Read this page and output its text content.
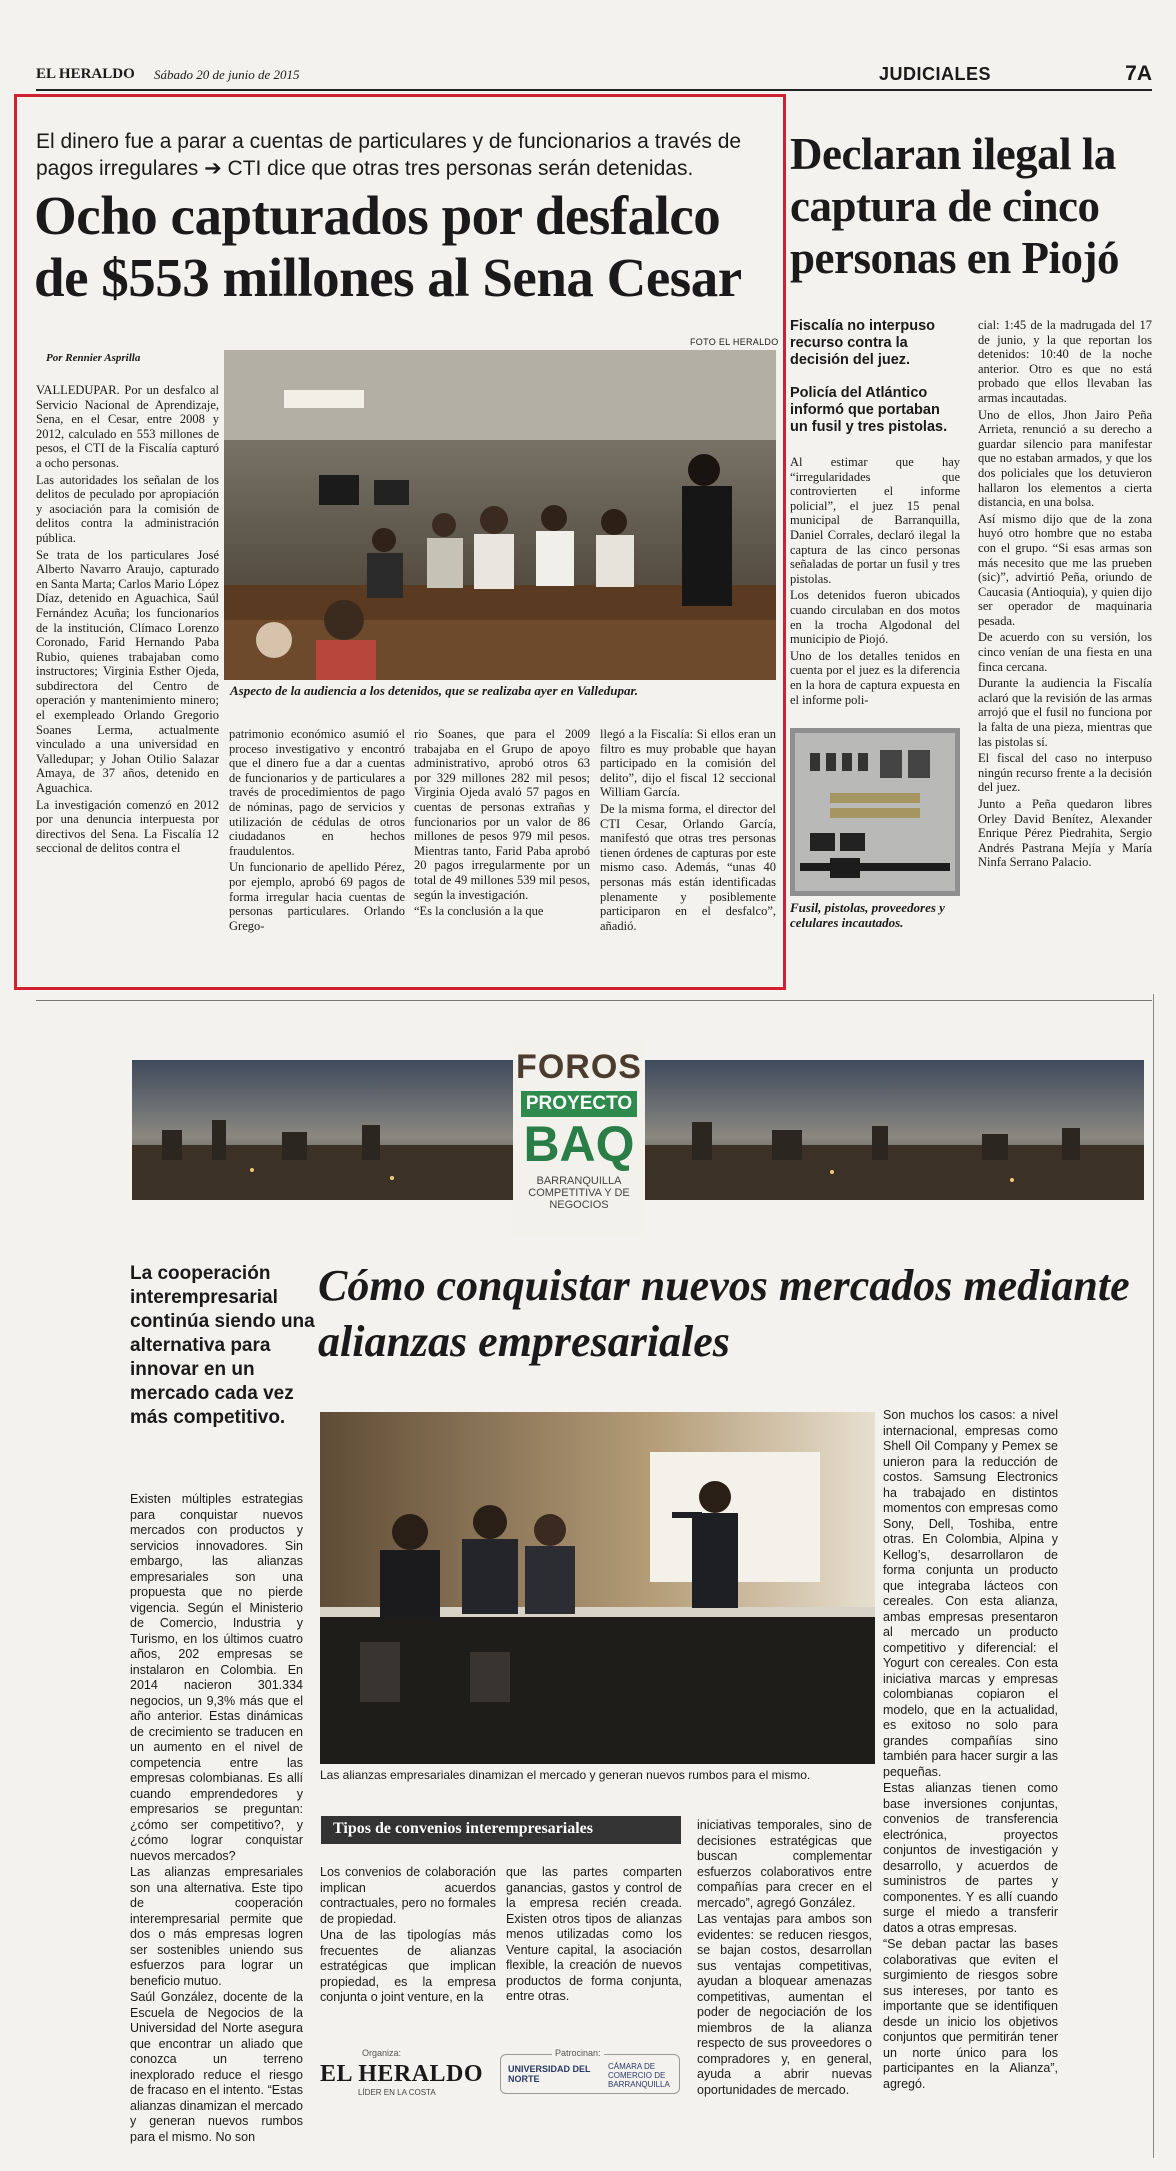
EL HERALDO Sábado 20 de junio de 2015	JUDICIALES	7A
El dinero fue a parar a cuentas de particulares y de funcionarios a través de pagos irregulares ➔ CTI dice que otras tres personas serán detenidas.
Ocho capturados por desfalco de $553 millones al Sena Cesar
Por Rennier Asprilla
FOTO EL HERALDO
Aspecto de la audiencia a los detenidos, que se realizaba ayer en Valledupar.

VALLEDUPAR. Por un desfalco al Servicio Nacional de Aprendizaje, Sena, en el Cesar, entre 2008 y 2012, calculado en 553 millones de pesos, el CTI de la Fiscalía capturó a ocho personas.

Las autoridades los señalan de los delitos de peculado por apropiación y asociación para la comisión de delitos contra la administración pública.

Se trata de los particulares José Alberto Navarro Araujo, capturado en Santa Marta; Carlos Mario López Díaz, detenido en Aguachica, Saúl Fernández Acuña; los funcionarios de la institución, Clímaco Lorenzo Coronado, Farid Hernando Paba Rubio, quienes trabajaban como instructores; Virginia Esther Ojeda, subdirectora del Centro de operación y mantenimiento minero; el exempleado Orlando Gregorio Soanes Lerma, actualmente vinculado a una universidad en Valledupar; y Johan Otilio Salazar Amaya, de 37 años, detenido en Aguachica.

La investigación comenzó en 2012 por una denuncia interpuesta por directivos del Sena. La Fiscalía 12 seccional de delitos contra el

patrimonio económico asumió el proceso investigativo y encontró que el dinero fue a dar a cuentas de funcionarios y de particulares a través de procedimientos de pago de nóminas, pago de servicios y utilización de cédulas de otros ciudadanos en hechos fraudulentos.

Un funcionario de apellido Pérez, por ejemplo, aprobó 69 pagos de forma irregular hacia cuentas de personas particulares. Orlando Grego-

rio Soanes, que para el 2009 trabajaba en el Grupo de apoyo administrativo, aprobó otros 63 por 329 millones 282 mil pesos; Virginia Ojeda avaló 57 pagos en cuentas de personas extrañas y funcionarios por un valor de 86 millones de pesos 979 mil pesos. Mientras tanto, Farid Paba aprobó 20 pagos irregularmente por un total de 49 millones 539 mil pesos, según la investigación.

“Es la conclusión a la que

llegó a la Fiscalía: Si ellos eran un filtro es muy probable que hayan participado en la comisión del delito”, dijo el fiscal 12 seccional William García.

De la misma forma, el director del CTI Cesar, Orlando García, manifestó que otras tres personas tienen órdenes de capturas por este mismo caso. Además, “unas 40 personas más están identificadas plenamente y posiblemente participaron en el desfalco”, añadió.

Declaran ilegal la captura de cinco personas en Piojó
Fiscalía no interpuso recurso contra la decisión del juez.
Policía del Atlántico informó que portaban un fusil y tres pistolas.

Al estimar que hay “irregularidades que controvierten el informe policial”, el juez 15 penal municipal de Barranquilla, Daniel Corrales, declaró ilegal la captura de las cinco personas señaladas de portar un fusil y tres pistolas.

Los detenidos fueron ubicados cuando circulaban en dos motos en la trocha Algodonal del municipio de Piojó.

Uno de los detalles tenidos en cuenta por el juez es la diferencia en la hora de captura expuesta en el informe poli-

Fusil, pistolas, proveedores y celulares incautados.

cial: 1:45 de la madrugada del 17 de junio, y la que reportan los detenidos: 10:40 de la noche anterior. Otro es que no está probado que ellos llevaban las armas incautadas.

Uno de ellos, Jhon Jairo Peña Arrieta, renunció a su derecho a guardar silencio para manifestar que no estaban armados, y que los dos policiales que los detuvieron hallaron los elementos a cierta distancia, en una bolsa.

Así mismo dijo que de la zona huyó otro hombre que no estaba con el grupo. “Si esas armas son más necesito que me las prueben (sic)”, advirtió Peña, oriundo de Caucasia (Antioquia), y quien dijo ser operador de maquinaria pesada.

De acuerdo con su versión, los cinco venían de una fiesta en una finca cercana.

Durante la audiencia la Fiscalía aclaró que la revisión de las armas arrojó que el fusil no funciona por la falta de una pieza, mientras que las pistolas sí.

El fiscal del caso no interpuso ningún recurso frente a la decisión del juez.

Junto a Peña quedaron libres Orley David Benítez, Alexander Enrique Pérez Piedrahita, Sergio Andrés Pastrana Mejía y María Ninfa Serrano Palacio.

FOROS
PROYECTO
BAQ
BARRANQUILLA COMPETITIVA Y DE NEGOCIOS
La cooperación interempresarial continúa siendo una alternativa para innovar en un mercado cada vez más competitivo.
Cómo conquistar nuevos mercados mediante alianzas empresariales

Existen múltiples estrategias para conquistar nuevos mercados con productos y servicios innovadores. Sin embargo, las alianzas empresariales son una propuesta que no pierde vigencia. Según el Ministerio de Comercio, Industria y Turismo, en los últimos cuatro años, 202 empresas se instalaron en Colombia. En 2014 nacieron 301.334 negocios, un 9,3% más que el año anterior. Estas dinámicas de crecimiento se traducen en un aumento en el nivel de competencia entre las empresas colombianas. Es allí cuando emprendedores y empresarios se preguntan: ¿cómo ser competitivo?, y ¿cómo lograr conquistar nuevos mercados?

Las alianzas empresariales son una alternativa. Este tipo de cooperación interempresarial permite que dos o más empresas logren ser sostenibles uniendo sus esfuerzos para lograr un beneficio mutuo.

Saúl González, docente de la Escuela de Negocios de la Universidad del Norte asegura que encontrar un aliado que conozca un terreno inexplorado reduce el riesgo de fracaso en el intento. “Estas alianzas dinamizan el mercado y generan nuevos rumbos para el mismo. No son

Las alianzas empresariales dinamizan el mercado y generan nuevos rumbos para el mismo.

Son muchos los casos: a nivel internacional, empresas como Shell Oil Company y Pemex se unieron para la reducción de costos. Samsung Electronics ha trabajado en distintos momentos con empresas como Sony, Dell, Toshiba, entre otras. En Colombia, Alpina y Kellog’s, desarrollaron de forma conjunta un producto que integraba lácteos con cereales. Con esta alianza, ambas empresas presentaron al mercado un producto competitivo y diferencial: el Yogurt con cereales. Con esta iniciativa marcas y empresas colombianas copiaron el modelo, que en la actualidad, es exitoso no solo para grandes compañías sino también para hacer surgir a las pequeñas.

Estas alianzas tienen como base inversiones conjuntas, convenios de transferencia electrónica, proyectos conjuntos de investigación y desarrollo, y acuerdos de suministros de partes y componentes. Y es allí cuando surge el miedo a transferir datos a otras empresas.

“Se deban pactar las bases colaborativas que eviten el surgimiento de riesgos sobre sus intereses, por tanto es importante que se identifiquen desde un inicio los objetivos conjuntos que permitirán tener un norte único para los participantes en la Alianza”, agregó.

Tipos de convenios interempresariales

Los convenios de colaboración implican acuerdos contractuales, pero no formales de propiedad.

Una de las tipologías más frecuentes de alianzas estratégicas que implican propiedad, es la empresa conjunta o joint venture, en la

que las partes comparten ganancias, gastos y control de la empresa recién creada. Existen otros tipos de alianzas menos utilizadas como los Venture capital, la asociación flexible, la creación de nuevos productos de forma conjunta, entre otras.

iniciativas temporales, sino de decisiones estratégicas que buscan complementar esfuerzos colaborativos entre compañías para crecer en el mercado”, agregó González.

Las ventajas para ambos son evidentes: se reducen riesgos, se bajan costos, desarrollan sus ventajas competitivas, ayudan a bloquear amenazas competitivas, aumentan el poder de negociación de los miembros de la alianza respecto de sus proveedores o compradores y, en general, ayuda a abrir nuevas oportunidades de mercado.

Organiza:
EL HERALDO
LÍDER EN LA COSTA
Patrocinan:
UNIVERSIDAD DEL NORTE
CÁMARA DE COMERCIO DE BARRANQUILLA
